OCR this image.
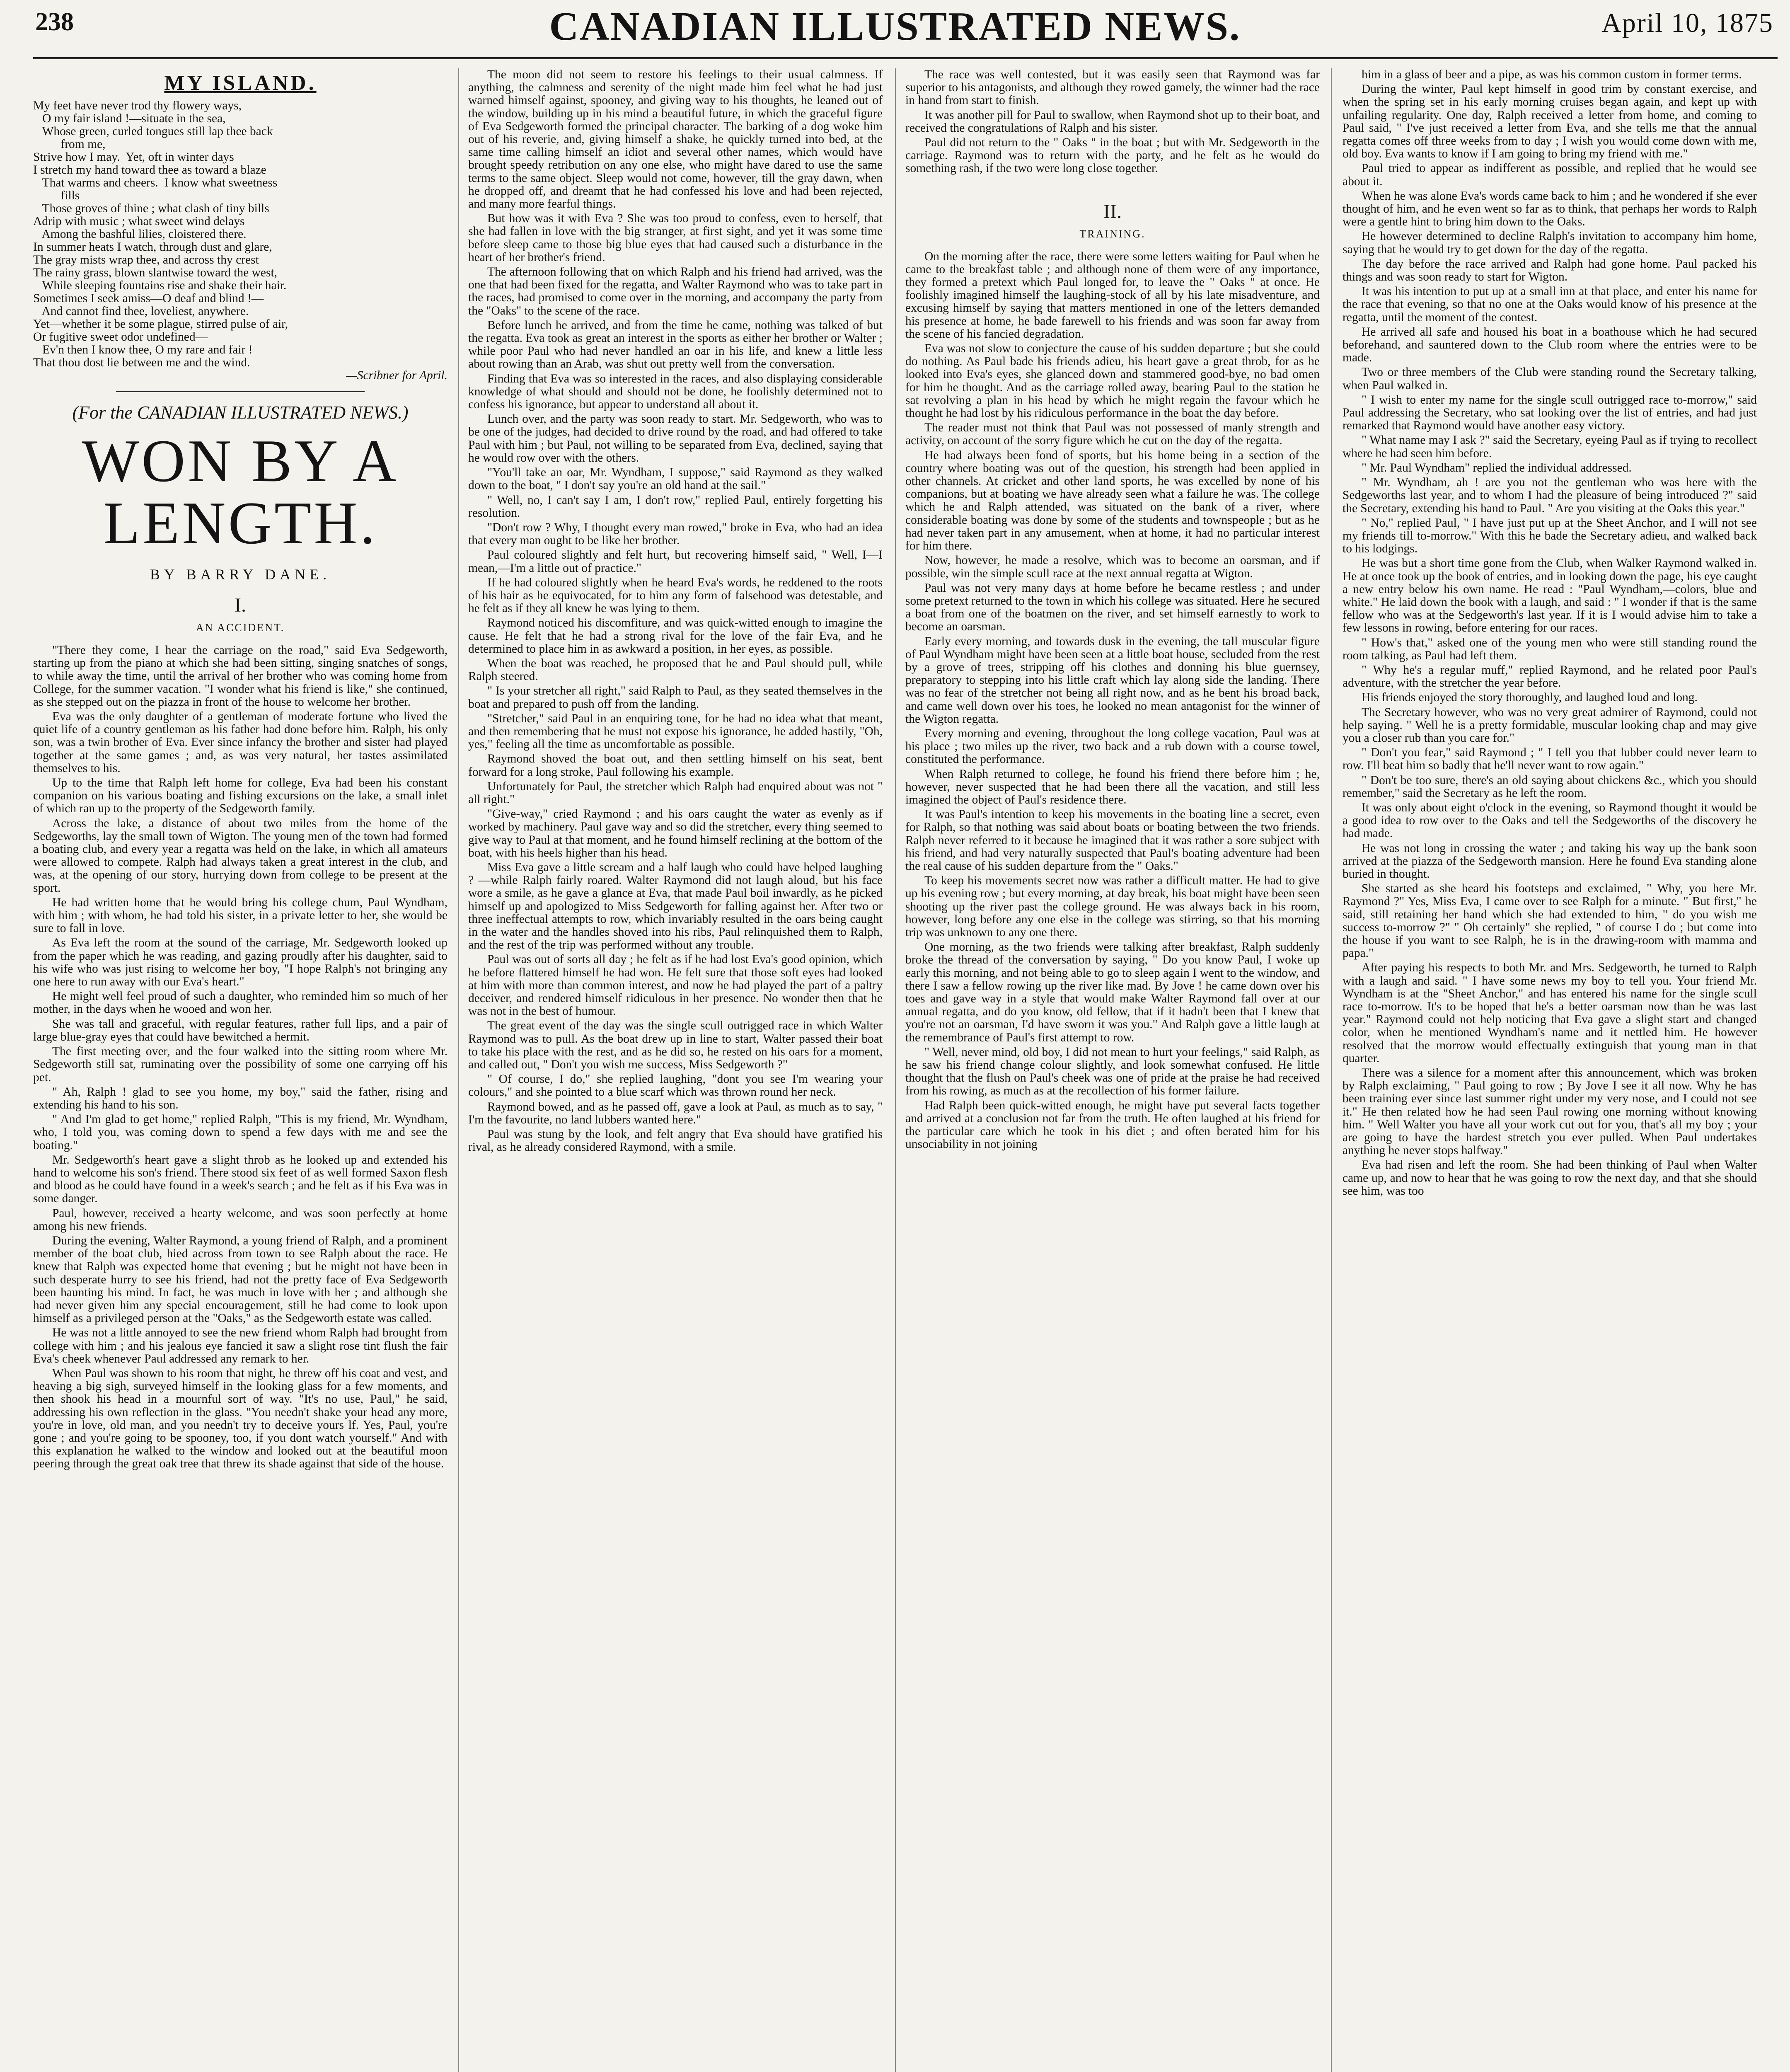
238	CANADIAN ILLUSTRATED NEWS.	April 10, 1875
MY ISLAND.
My feet have never trod thy flowery ways,
O my fair island !—situate in the sea,
Whose green, curled tongues still lap thee back
from me,
Strive how I may.  Yet, oft in winter days
I stretch my hand toward thee as toward a blaze
That warms and cheers.  I know what sweetness
fills
Those groves of thine ; what clash of tiny bills
Adrip with music ; what sweet wind delays
Among the bashful lilies, cloistered there.
In summer heats I watch, through dust and glare,
The gray mists wrap thee, and across thy crest
The rainy grass, blown slantwise toward the west,
While sleeping fountains rise and shake their hair.
Sometimes I seek amiss—O deaf and blind !—
And cannot find thee, loveliest, anywhere.
Yet—whether it be some plague, stirred pulse of air,
Or fugitive sweet odor undefined—
Ev'n then I know thee, O my rare and fair !
That thou dost lie between me and the wind.
—Scribner for April.
(For the CANADIAN ILLUSTRATED NEWS.)
WON BY A LENGTH.
BY BARRY DANE.
I.
AN ACCIDENT.

"There they come, I hear the carriage on the road," said Eva Sedgeworth, starting up from the piano at which she had been sitting, singing snatches of songs, to while away the time, until the arrival of her brother who was coming home from College, for the summer vacation. "I wonder what his friend is like," she continued, as she stepped out on the piazza in front of the house to welcome her brother.

Eva was the only daughter of a gentleman of moderate fortune who lived the quiet life of a country gentleman as his father had done before him. Ralph, his only son, was a twin brother of Eva. Ever since infancy the brother and sister had played together at the same games ; and, as was very natural, her tastes assimilated themselves to his.

Up to the time that Ralph left home for college, Eva had been his constant companion on his various boating and fishing excursions on the lake, a small inlet of which ran up to the property of the Sedgeworth family.

Across the lake, a distance of about two miles from the home of the Sedgeworths, lay the small town of Wigton. The young men of the town had formed a boating club, and every year a regatta was held on the lake, in which all amateurs were allowed to compete. Ralph had always taken a great interest in the club, and was, at the opening of our story, hurrying down from college to be present at the sport.

He had written home that he would bring his college chum, Paul Wyndham, with him ; with whom, he had told his sister, in a private letter to her, she would be sure to fall in love.

As Eva left the room at the sound of the carriage, Mr. Sedgeworth looked up from the paper which he was reading, and gazing proudly after his daughter, said to his wife who was just rising to welcome her boy, "I hope Ralph's not bringing any one here to run away with our Eva's heart."

He might well feel proud of such a daughter, who reminded him so much of her mother, in the days when he wooed and won her.

She was tall and graceful, with regular features, rather full lips, and a pair of large blue-gray eyes that could have bewitched a hermit.

The first meeting over, and the four walked into the sitting room where Mr. Sedgeworth still sat, ruminating over the possibility of some one carrying off his pet.

" Ah, Ralph ! glad to see you home, my boy," said the father, rising and extending his hand to his son.

" And I'm glad to get home," replied Ralph, "This is my friend, Mr. Wyndham, who, I told you, was coming down to spend a few days with me and see the boating."

Mr. Sedgeworth's heart gave a slight throb as he looked up and extended his hand to welcome his son's friend. There stood six feet of as well formed Saxon flesh and blood as he could have found in a week's search ; and he felt as if his Eva was in some danger.

Paul, however, received a hearty welcome, and was soon perfectly at home among his new friends.

During the evening, Walter Raymond, a young friend of Ralph, and a prominent member of the boat club, hied across from town to see Ralph about the race. He knew that Ralph was expected home that evening ; but he might not have been in such desperate hurry to see his friend, had not the pretty face of Eva Sedgeworth been haunting his mind. In fact, he was much in love with her ; and although she had never given him any special encouragement, still he had come to look upon himself as a privileged person at the "Oaks," as the Sedgeworth estate was called.

He was not a little annoyed to see the new friend whom Ralph had brought from college with him ; and his jealous eye fancied it saw a slight rose tint flush the fair Eva's cheek whenever Paul addressed any remark to her.

When Paul was shown to his room that night, he threw off his coat and vest, and heaving a big sigh, surveyed himself in the looking glass for a few moments, and then shook his head in a mournful sort of way. "It's no use, Paul," he said, addressing his own reflection in the glass. "You needn't shake your head any more, you're in love, old man, and you needn't try to deceive yours lf. Yes, Paul, you're gone ; and you're going to be spooney, too, if you dont watch yourself." And with this explanation he walked to the window and looked out at the beautiful moon peering through the great oak tree that threw its shade against that side of the house.

The moon did not seem to restore his feelings to their usual calmness. If anything, the calmness and serenity of the night made him feel what he had just warned himself against, spooney, and giving way to his thoughts, he leaned out of the window, building up in his mind a beautiful future, in which the graceful figure of Eva Sedgeworth formed the principal character. The barking of a dog woke him out of his reverie, and, giving himself a shake, he quickly turned into bed, at the same time calling himself an idiot and several other names, which would have brought speedy retribution on any one else, who might have dared to use the same terms to the same object. Sleep would not come, however, till the gray dawn, when he dropped off, and dreamt that he had confessed his love and had been rejected, and many more fearful things.

But how was it with Eva ? She was too proud to confess, even to herself, that she had fallen in love with the big stranger, at first sight, and yet it was some time before sleep came to those big blue eyes that had caused such a disturbance in the heart of her brother's friend.

The afternoon following that on which Ralph and his friend had arrived, was the one that had been fixed for the regatta, and Walter Raymond who was to take part in the races, had promised to come over in the morning, and accompany the party from the "Oaks" to the scene of the race.

Before lunch he arrived, and from the time he came, nothing was talked of but the regatta. Eva took as great an interest in the sports as either her brother or Walter ; while poor Paul who had never handled an oar in his life, and knew a little less about rowing than an Arab, was shut out pretty well from the conversation.

Finding that Eva was so interested in the races, and also displaying considerable knowledge of what should and should not be done, he foolishly determined not to confess his ignorance, but appear to understand all about it.

Lunch over, and the party was soon ready to start. Mr. Sedgeworth, who was to be one of the judges, had decided to drive round by the road, and had offered to take Paul with him ; but Paul, not willing to be separated from Eva, declined, saying that he would row over with the others.

"You'll take an oar, Mr. Wyndham, I suppose," said Raymond as they walked down to the boat, " I don't say you're an old hand at the sail."

" Well, no, I can't say I am, I don't row," replied Paul, entirely forgetting his resolution.

"Don't row ? Why, I thought every man rowed," broke in Eva, who had an idea that every man ought to be like her brother.

Paul coloured slightly and felt hurt, but recovering himself said, " Well, I—I mean,—I'm a little out of practice."

If he had coloured slightly when he heard Eva's words, he reddened to the roots of his hair as he equivocated, for to him any form of falsehood was detestable, and he felt as if they all knew he was lying to them.

Raymond noticed his discomfiture, and was quick-witted enough to imagine the cause. He felt that he had a strong rival for the love of the fair Eva, and he determined to place him in as awkward a position, in her eyes, as possible.

When the boat was reached, he proposed that he and Paul should pull, while Ralph steered.

" Is your stretcher all right," said Ralph to Paul, as they seated themselves in the boat and prepared to push off from the landing.

"Stretcher," said Paul in an enquiring tone, for he had no idea what that meant, and then remembering that he must not expose his ignorance, he added hastily, "Oh, yes," feeling all the time as uncomfortable as possible.

Raymond shoved the boat out, and then settling himself on his seat, bent forward for a long stroke, Paul following his example.

Unfortunately for Paul, the stretcher which Ralph had enquired about was not " all right."

"Give-way," cried Raymond ; and his oars caught the water as evenly as if worked by machinery. Paul gave way and so did the stretcher, every thing seemed to give way to Paul at that moment, and he found himself reclining at the bottom of the boat, with his heels higher than his head.

Miss Eva gave a little scream and a half laugh who could have helped laughing ? —while Ralph fairly roared. Walter Raymond did not laugh aloud, but his face wore a smile, as he gave a glance at Eva, that made Paul boil inwardly, as he picked himself up and apologized to Miss Sedgeworth for falling against her. After two or three ineffectual attempts to row, which invariably resulted in the oars being caught in the water and the handles shoved into his ribs, Paul relinquished them to Ralph, and the rest of the trip was performed without any trouble.

Paul was out of sorts all day ; he felt as if he had lost Eva's good opinion, which he before flattered himself he had won. He felt sure that those soft eyes had looked at him with more than common interest, and now he had played the part of a paltry deceiver, and rendered himself ridiculous in her presence. No wonder then that he was not in the best of humour.

The great event of the day was the single scull outrigged race in which Walter Raymond was to pull. As the boat drew up in line to start, Walter passed their boat to take his place with the rest, and as he did so, he rested on his oars for a moment, and called out, " Don't you wish me success, Miss Sedgeworth ?"

" Of course, I do," she replied laughing, "dont you see I'm wearing your colours," and she pointed to a blue scarf which was thrown round her neck.

Raymond bowed, and as he passed off, gave a look at Paul, as much as to say, " I'm the favourite, no land lubbers wanted here."

Paul was stung by the look, and felt angry that Eva should have gratified his rival, as he already considered Raymond, with a smile.

The race was well contested, but it was easily seen that Raymond was far superior to his antagonists, and although they rowed gamely, the winner had the race in hand from start to finish.

It was another pill for Paul to swallow, when Raymond shot up to their boat, and received the congratulations of Ralph and his sister.

Paul did not return to the " Oaks " in the boat ; but with Mr. Sedgeworth in the carriage. Raymond was to return with the party, and he felt as he would do something rash, if the two were long close together.

II.
TRAINING.

On the morning after the race, there were some letters waiting for Paul when he came to the breakfast table ; and although none of them were of any importance, they formed a pretext which Paul longed for, to leave the " Oaks " at once. He foolishly imagined himself the laughing-stock of all by his late misadventure, and excusing himself by saying that matters mentioned in one of the letters demanded his presence at home, he bade farewell to his friends and was soon far away from the scene of his fancied degradation.

Eva was not slow to conjecture the cause of his sudden departure ; but she could do nothing. As Paul bade his friends adieu, his heart gave a great throb, for as he looked into Eva's eyes, she glanced down and stammered good-bye, no bad omen for him he thought. And as the carriage rolled away, bearing Paul to the station he sat revolving a plan in his head by which he might regain the favour which he thought he had lost by his ridiculous performance in the boat the day before.

The reader must not think that Paul was not possessed of manly strength and activity, on account of the sorry figure which he cut on the day of the regatta.

He had always been fond of sports, but his home being in a section of the country where boating was out of the question, his strength had been applied in other channels. At cricket and other land sports, he was excelled by none of his companions, but at boating we have already seen what a failure he was. The college which he and Ralph attended, was situated on the bank of a river, where considerable boating was done by some of the students and townspeople ; but as he had never taken part in any amusement, when at home, it had no particular interest for him there.

Now, however, he made a resolve, which was to become an oarsman, and if possible, win the simple scull race at the next annual regatta at Wigton.

Paul was not very many days at home before he became restless ; and under some pretext returned to the town in which his college was situated. Here he secured a boat from one of the boatmen on the river, and set himself earnestly to work to become an oarsman.

Early every morning, and towards dusk in the evening, the tall muscular figure of Paul Wyndham might have been seen at a little boat house, secluded from the rest by a grove of trees, stripping off his clothes and donning his blue guernsey, preparatory to stepping into his little craft which lay along side the landing. There was no fear of the stretcher not being all right now, and as he bent his broad back, and came well down over his toes, he looked no mean antagonist for the winner of the Wigton regatta.

Every morning and evening, throughout the long college vacation, Paul was at his place ; two miles up the river, two back and a rub down with a course towel, constituted the performance.

When Ralph returned to college, he found his friend there before him ; he, however, never suspected that he had been there all the vacation, and still less imagined the object of Paul's residence there.

It was Paul's intention to keep his movements in the boating line a secret, even for Ralph, so that nothing was said about boats or boating between the two friends. Ralph never referred to it because he imagined that it was rather a sore subject with his friend, and had very naturally suspected that Paul's boating adventure had been the real cause of his sudden departure from the " Oaks."

To keep his movements secret now was rather a difficult matter. He had to give up his evening row ; but every morning, at day break, his boat might have been seen shooting up the river past the college ground. He was always back in his room, however, long before any one else in the college was stirring, so that his morning trip was unknown to any one there.

One morning, as the two friends were talking after breakfast, Ralph suddenly broke the thread of the conversation by saying, " Do you know Paul, I woke up early this morning, and not being able to go to sleep again I went to the window, and there I saw a fellow rowing up the river like mad. By Jove ! he came down over his toes and gave way in a style that would make Walter Raymond fall over at our annual regatta, and do you know, old fellow, that if it hadn't been that I knew that you're not an oarsman, I'd have sworn it was you." And Ralph gave a little laugh at the remembrance of Paul's first attempt to row.

" Well, never mind, old boy, I did not mean to hurt your feelings," said Ralph, as he saw his friend change colour slightly, and look somewhat confused. He little thought that the flush on Paul's cheek was one of pride at the praise he had received from his rowing, as much as at the recollection of his former failure.

Had Ralph been quick-witted enough, he might have put several facts together and arrived at a conclusion not far from the truth. He often laughed at his friend for the particular care which he took in his diet ; and often berated him for his unsociability in not joining

him in a glass of beer and a pipe, as was his common custom in former terms.

During the winter, Paul kept himself in good trim by constant exercise, and when the spring set in his early morning cruises began again, and kept up with unfailing regularity. One day, Ralph received a letter from home, and coming to Paul said, " I've just received a letter from Eva, and she tells me that the annual regatta comes off three weeks from to day ; I wish you would come down with me, old boy. Eva wants to know if I am going to bring my friend with me."

Paul tried to appear as indifferent as possible, and replied that he would see about it.

When he was alone Eva's words came back to him ; and he wondered if she ever thought of him, and he even went so far as to think, that perhaps her words to Ralph were a gentle hint to bring him down to the Oaks.

He however determined to decline Ralph's invitation to accompany him home, saying that he would try to get down for the day of the regatta.

The day before the race arrived and Ralph had gone home. Paul packed his things and was soon ready to start for Wigton.

It was his intention to put up at a small inn at that place, and enter his name for the race that evening, so that no one at the Oaks would know of his presence at the regatta, until the moment of the contest.

He arrived all safe and housed his boat in a boathouse which he had secured beforehand, and sauntered down to the Club room where the entries were to be made.

Two or three members of the Club were standing round the Secretary talking, when Paul walked in.

" I wish to enter my name for the single scull outrigged race to-morrow," said Paul addressing the Secretary, who sat looking over the list of entries, and had just remarked that Raymond would have another easy victory.

" What name may I ask ?" said the Secretary, eyeing Paul as if trying to recollect where he had seen him before.

" Mr. Paul Wyndham" replied the individual addressed.

" Mr. Wyndham, ah ! are you not the gentleman who was here with the Sedgeworths last year, and to whom I had the pleasure of being introduced ?" said the Secretary, extending his hand to Paul. " Are you visiting at the Oaks this year."

" No," replied Paul, " I have just put up at the Sheet Anchor, and I will not see my friends till to-morrow." With this he bade the Secretary adieu, and walked back to his lodgings.

He was but a short time gone from the Club, when Walker Raymond walked in. He at once took up the book of entries, and in looking down the page, his eye caught a new entry below his own name. He read : "Paul Wyndham,—colors, blue and white." He laid down the book with a laugh, and said : " I wonder if that is the same fellow who was at the Sedgeworth's last year. If it is I would advise him to take a few lessons in rowing, before entering for our races.

" How's that," asked one of the young men who were still standing round the room talking, as Paul had left them.

" Why he's a regular muff," replied Raymond, and he related poor Paul's adventure, with the stretcher the year before.

His friends enjoyed the story thoroughly, and laughed loud and long.

The Secretary however, who was no very great admirer of Raymond, could not help saying. " Well he is a pretty formidable, muscular looking chap and may give you a closer rub than you care for."

" Don't you fear," said Raymond ; " I tell you that lubber could never learn to row. I'll beat him so badly that he'll never want to row again."

" Don't be too sure, there's an old saying about chickens &c., which you should remember," said the Secretary as he left the room.

It was only about eight o'clock in the evening, so Raymond thought it would be a good idea to row over to the Oaks and tell the Sedgeworths of the discovery he had made.

He was not long in crossing the water ; and taking his way up the bank soon arrived at the piazza of the Sedgeworth mansion. Here he found Eva standing alone buried in thought.

She started as she heard his footsteps and exclaimed, " Why, you here Mr. Raymond ?" Yes, Miss Eva, I came over to see Ralph for a minute. " But first," he said, still retaining her hand which she had extended to him, " do you wish me success to-morrow ?" " Oh certainly" she replied, " of course I do ; but come into the house if you want to see Ralph, he is in the drawing-room with mamma and papa."

After paying his respects to both Mr. and Mrs. Sedgeworth, he turned to Ralph with a laugh and said. " I have some news my boy to tell you. Your friend Mr. Wyndham is at the "Sheet Anchor," and has entered his name for the single scull race to-morrow. It's to be hoped that he's a better oarsman now than he was last year." Raymond could not help noticing that Eva gave a slight start and changed color, when he mentioned Wyndham's name and it nettled him. He however resolved that the morrow would effectually extinguish that young man in that quarter.

There was a silence for a moment after this announcement, which was broken by Ralph exclaiming, " Paul going to row ; By Jove I see it all now. Why he has been training ever since last summer right under my very nose, and I could not see it." He then related how he had seen Paul rowing one morning without knowing him. " Well Walter you have all your work cut out for you, that's all my boy ; your are going to have the hardest stretch you ever pulled. When Paul undertakes anything he never stops halfway."

Eva had risen and left the room. She had been thinking of Paul when Walter came up, and now to hear that he was going to row the next day, and that she should see him, was too
